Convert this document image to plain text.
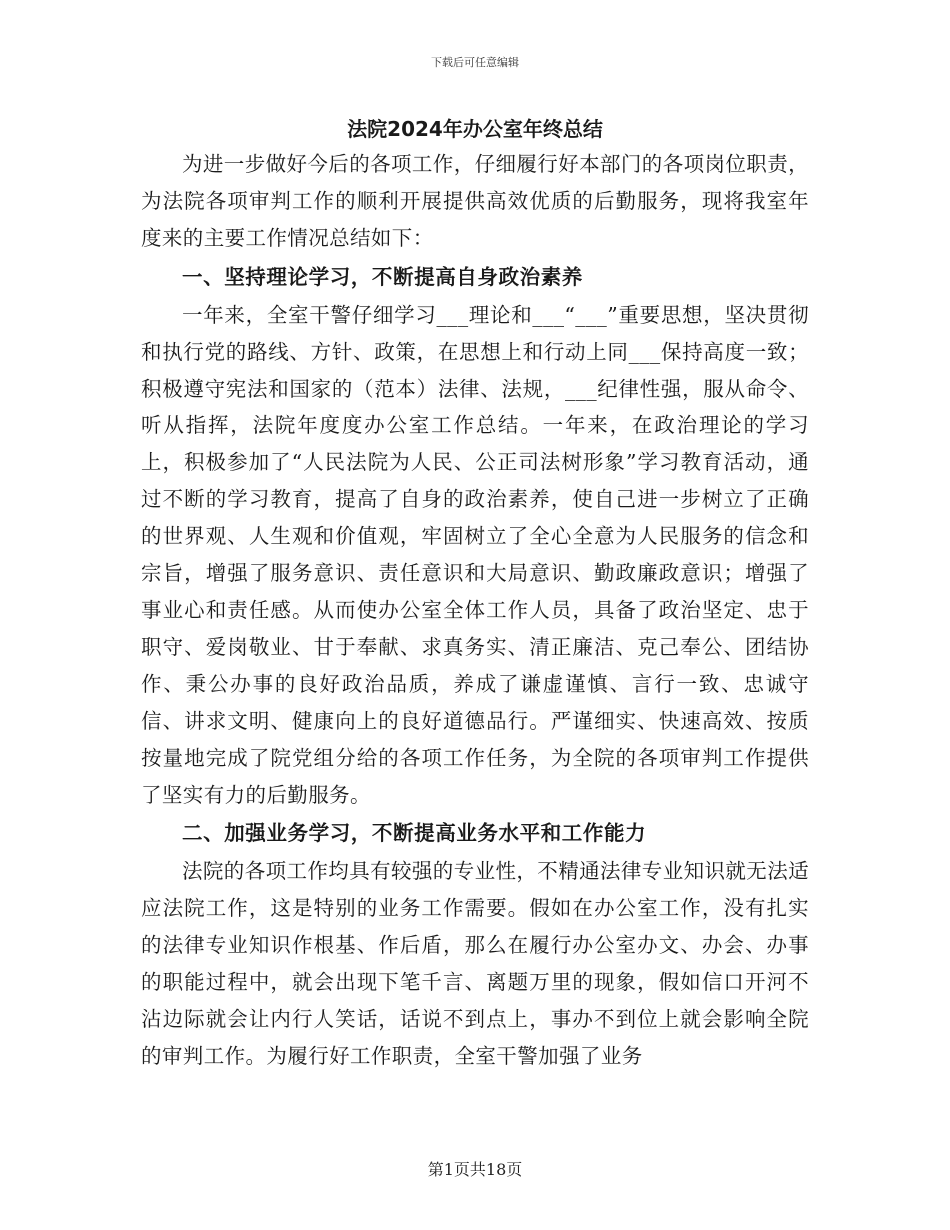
下载后可任意编辑
法院2024年办公室年终总结

为进一步做好今后的各项工作，仔细履行好本部门的各项岗位职责，为法院各项审判工作的顺利开展提供高效优质的后勤服务，现将我室年度来的主要工作情况总结如下：

一、坚持理论学习，不断提高自身政治素养

一年来，全室干警仔细学习___理论和___“___”重要思想，坚决贯彻和执行党的路线、方针、政策，在思想上和行动上同___保持高度一致；积极遵守宪法和国家的（范本）法律、法规，___纪律性强，服从命令、听从指挥，法院年度度办公室工作总结。一年来，在政治理论的学习上，积极参加了“人民法院为人民、公正司法树形象”学习教育活动，通过不断的学习教育，提高了自身的政治素养，使自己进一步树立了正确的世界观、人生观和价值观，牢固树立了全心全意为人民服务的信念和宗旨，增强了服务意识、责任意识和大局意识、勤政廉政意识；增强了事业心和责任感。从而使办公室全体工作人员，具备了政治坚定、忠于职守、爱岗敬业、甘于奉献、求真务实、清正廉洁、克己奉公、团结协作、秉公办事的良好政治品质，养成了谦虚谨慎、言行一致、忠诚守信、讲求文明、健康向上的良好道德品行。严谨细实、快速高效、按质按量地完成了院党组分给的各项工作任务，为全院的各项审判工作提供了坚实有力的后勤服务。

二、加强业务学习，不断提高业务水平和工作能力

法院的各项工作均具有较强的专业性，不精通法律专业知识就无法适应法院工作，这是特别的业务工作需要。假如在办公室工作，没有扎实的法律专业知识作根基、作后盾，那么在履行办公室办文、办会、办事的职能过程中，就会出现下笔千言、离题万里的现象，假如信口开河不沾边际就会让内行人笑话，话说不到点上，事办不到位上就会影响全院的审判工作。为履行好工作职责，全室干警加强了业务

第1页共18页
